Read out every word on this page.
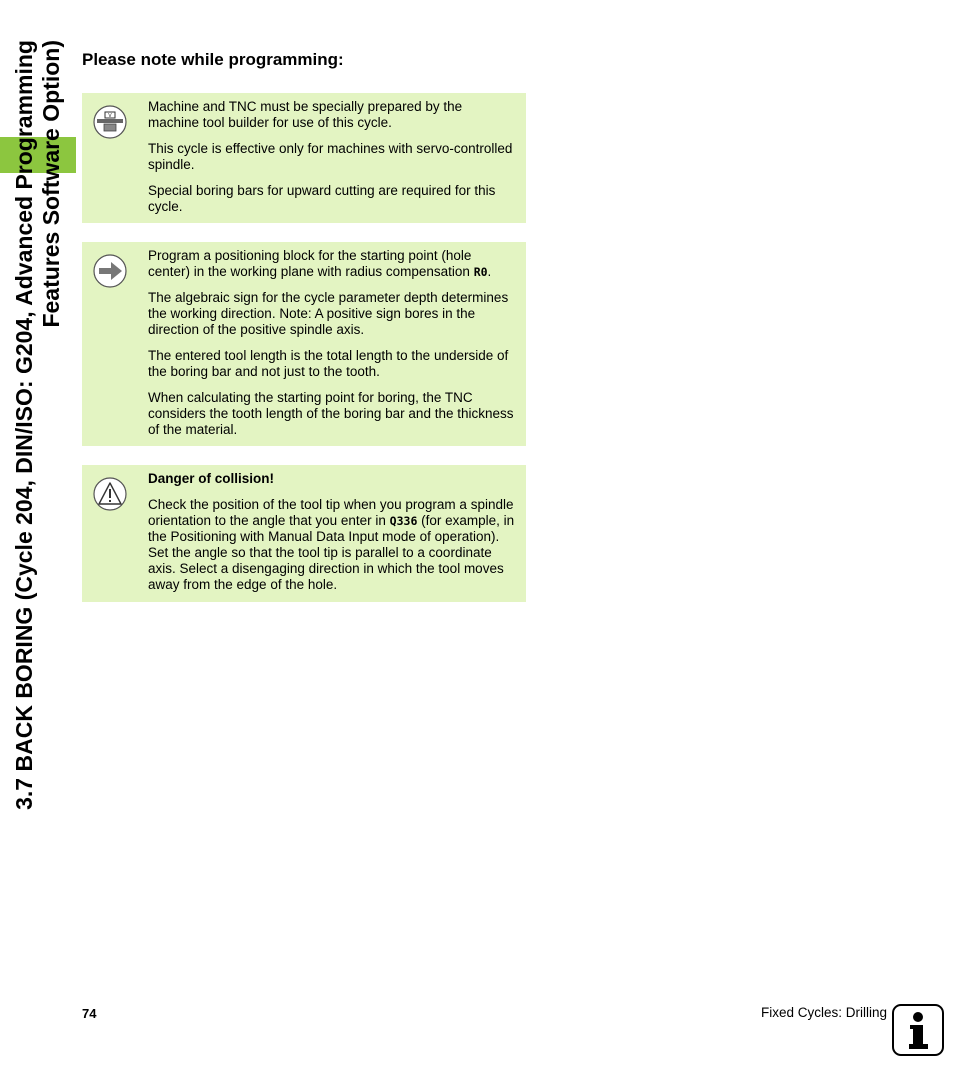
3.7 BACK BORING (Cycle 204, DIN/ISO: G204, Advanced Programming Features Software Option) Please note while programming:
V

Machine and TNC must be specially prepared by the machine tool builder for use of this cycle.

This cycle is effective only for machines with servo-controlled spindle.

Special boring bars for upward cutting are required for this cycle.

Program a positioning block for the starting point (hole center) in the working plane with radius compensation R0.

The algebraic sign for the cycle parameter depth determines the working direction. Note: A positive sign bores in the direction of the positive spindle axis.

The entered tool length is the total length to the underside of the boring bar and not just to the tooth.

When calculating the starting point for boring, the TNC considers the tooth length of the boring bar and the thickness of the material.

Danger of collision!

Check the position of the tool tip when you program a spindle orientation to the angle that you enter in Q336 (for example, in the Positioning with Manual Data Input mode of operation). Set the angle so that the tool tip is parallel to a coordinate axis. Select a disengaging direction in which the tool moves away from the edge of the hole.

74	Fixed Cycles: Drilling
